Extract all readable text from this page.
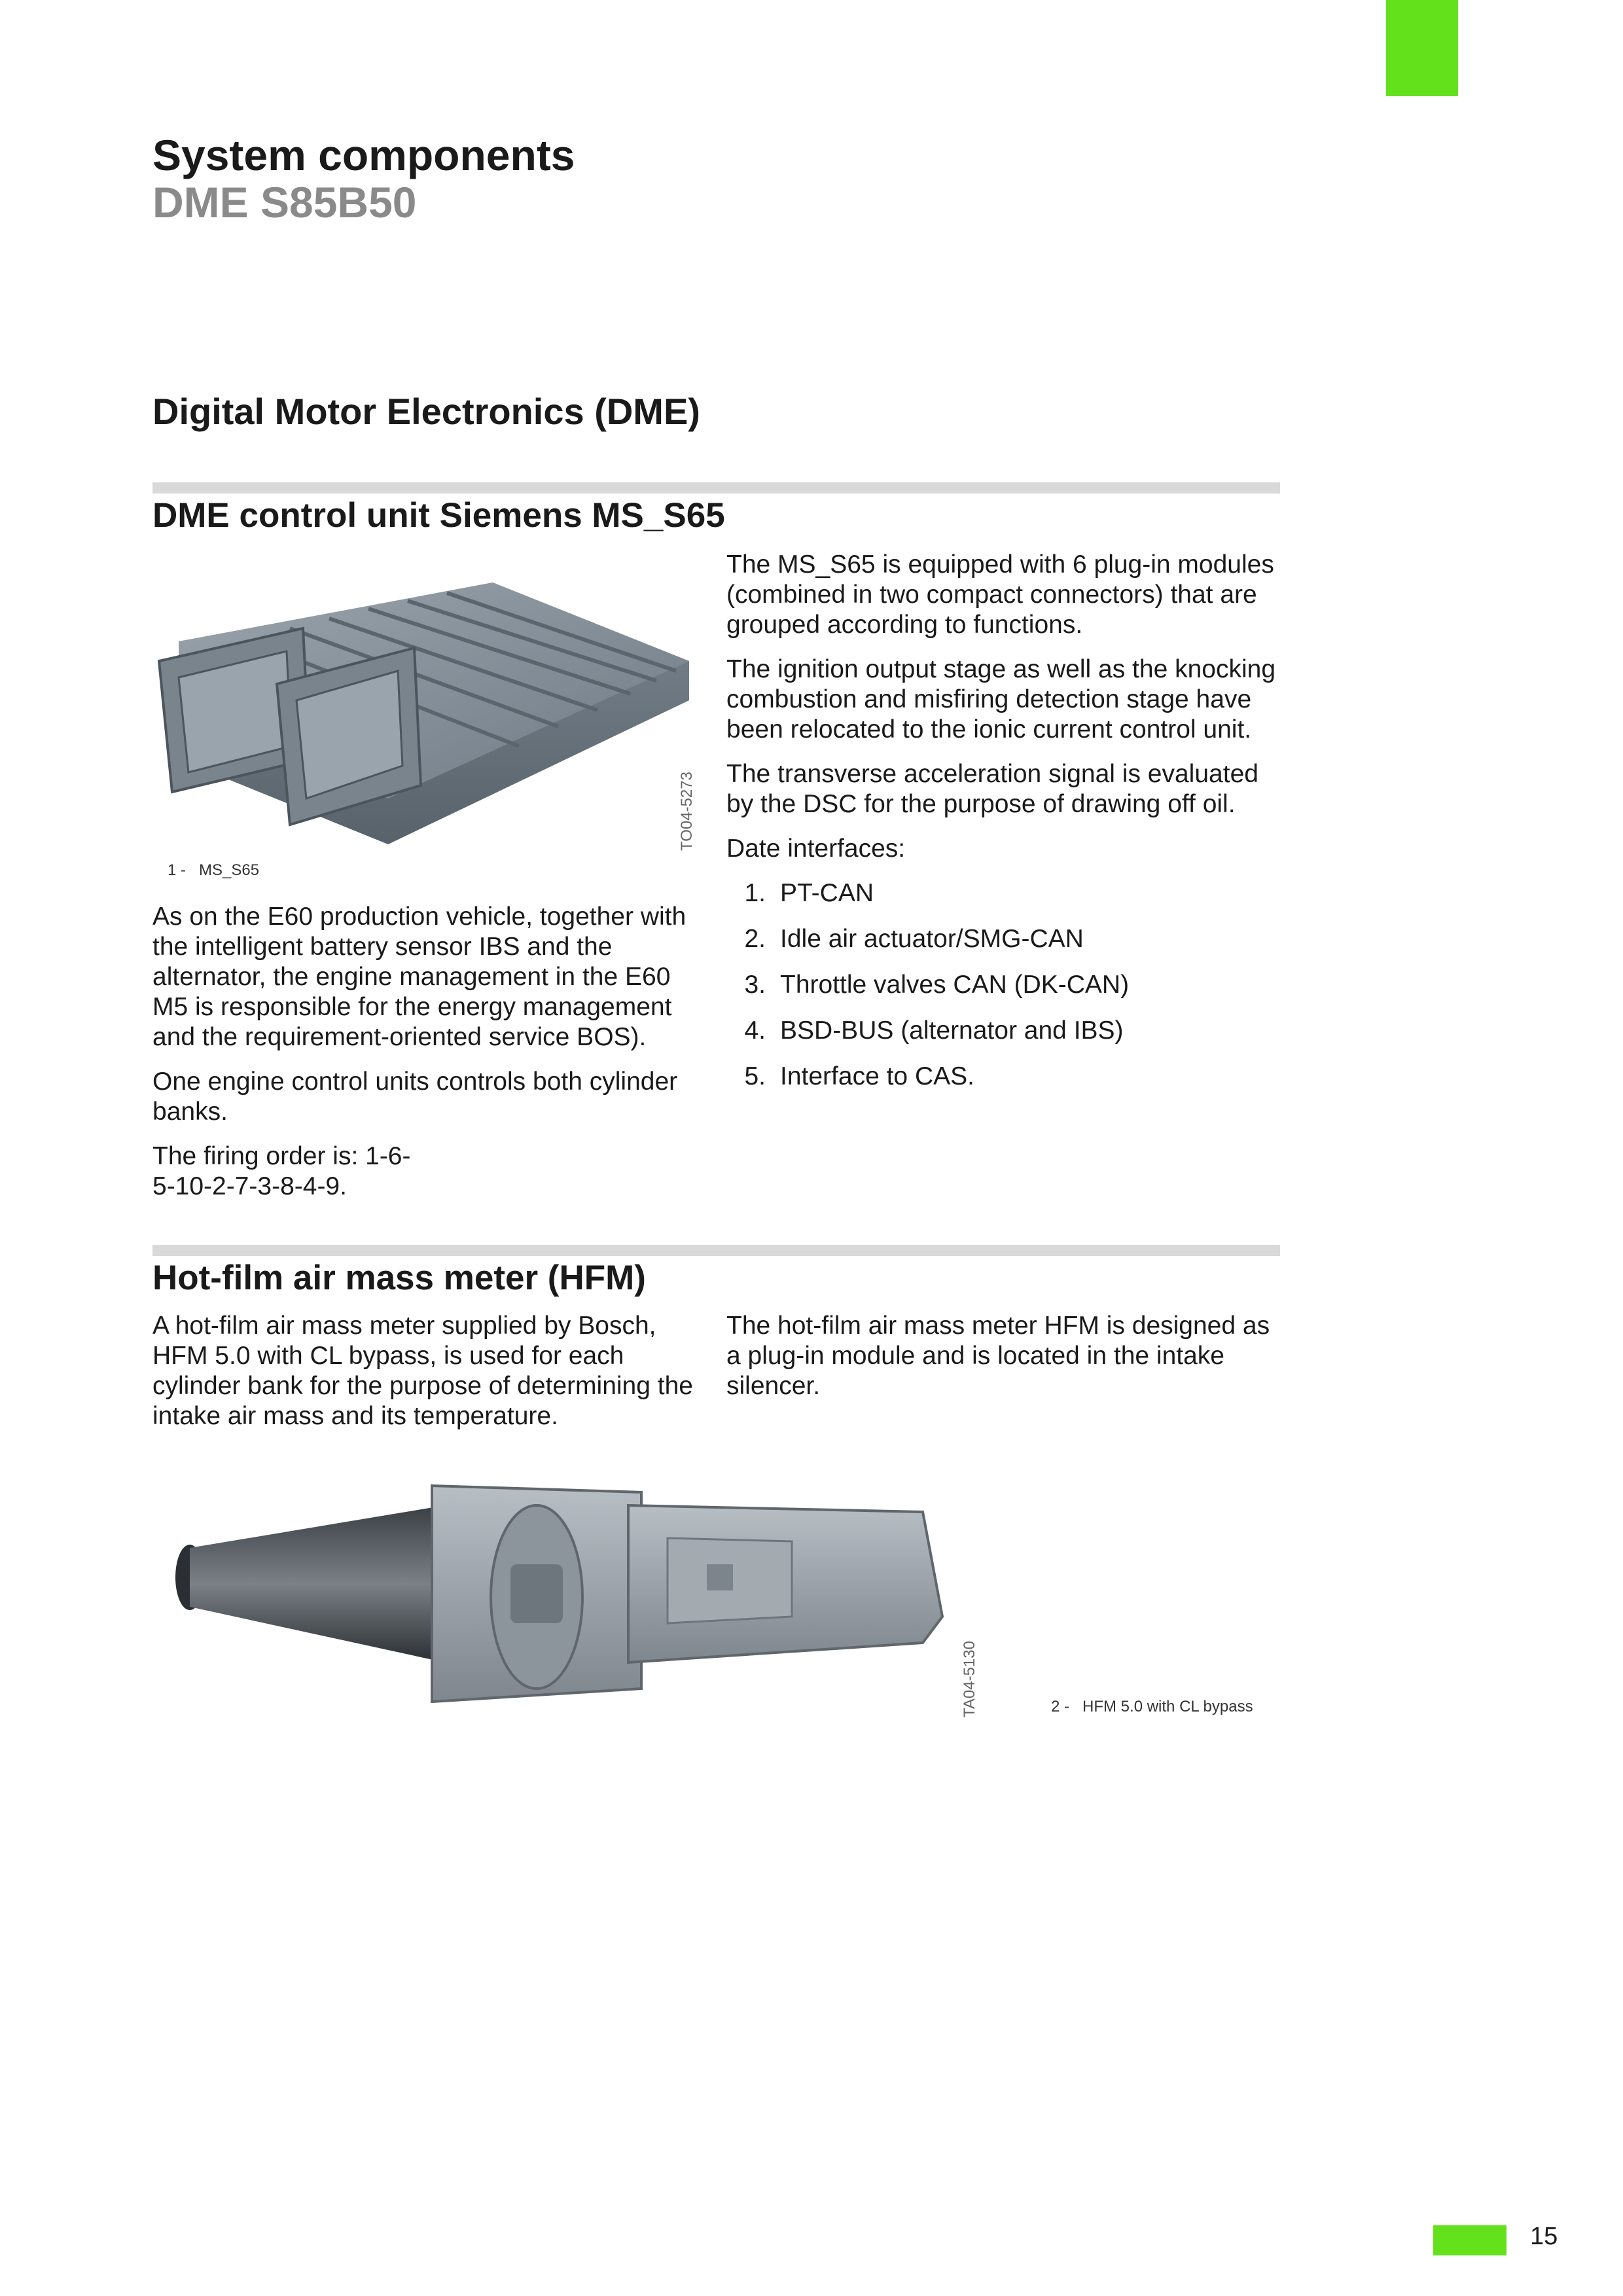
System components
DME S85B50
Digital Motor Electronics (DME)
DME control unit Siemens MS_S65
TO04-5273
1 - MS_S65

As on the E60 production vehicle, together with the intelligent battery sensor IBS and the alternator, the engine management in the E60 M5 is responsible for the energy management and the requirement-oriented service BOS).

One engine control units controls both cylinder banks.

The firing order is: 1-6-5-10-2-7-3-8-4-9.

The MS_S65 is equipped with 6 plug-in modules (combined in two compact connectors) that are grouped according to functions.

The ignition output stage as well as the knocking combustion and misfiring detection stage have been relocated to the ionic current control unit.

The transverse acceleration signal is evaluated by the DSC for the purpose of drawing off oil.

Date interfaces:

1. PT-CAN
2. Idle air actuator/SMG-CAN
3. Throttle valves CAN (DK-CAN)
4. BSD-BUS (alternator and IBS)
5. Interface to CAS.
Hot-film air mass meter (HFM)

A hot-film air mass meter supplied by Bosch, HFM 5.0 with CL bypass, is used for each cylinder bank for the purpose of determining the intake air mass and its temperature.

The hot-film air mass meter HFM is designed as a plug-in module and is located in the intake silencer.

TA04-5130	2 - HFM 5.0 with CL bypass
15
